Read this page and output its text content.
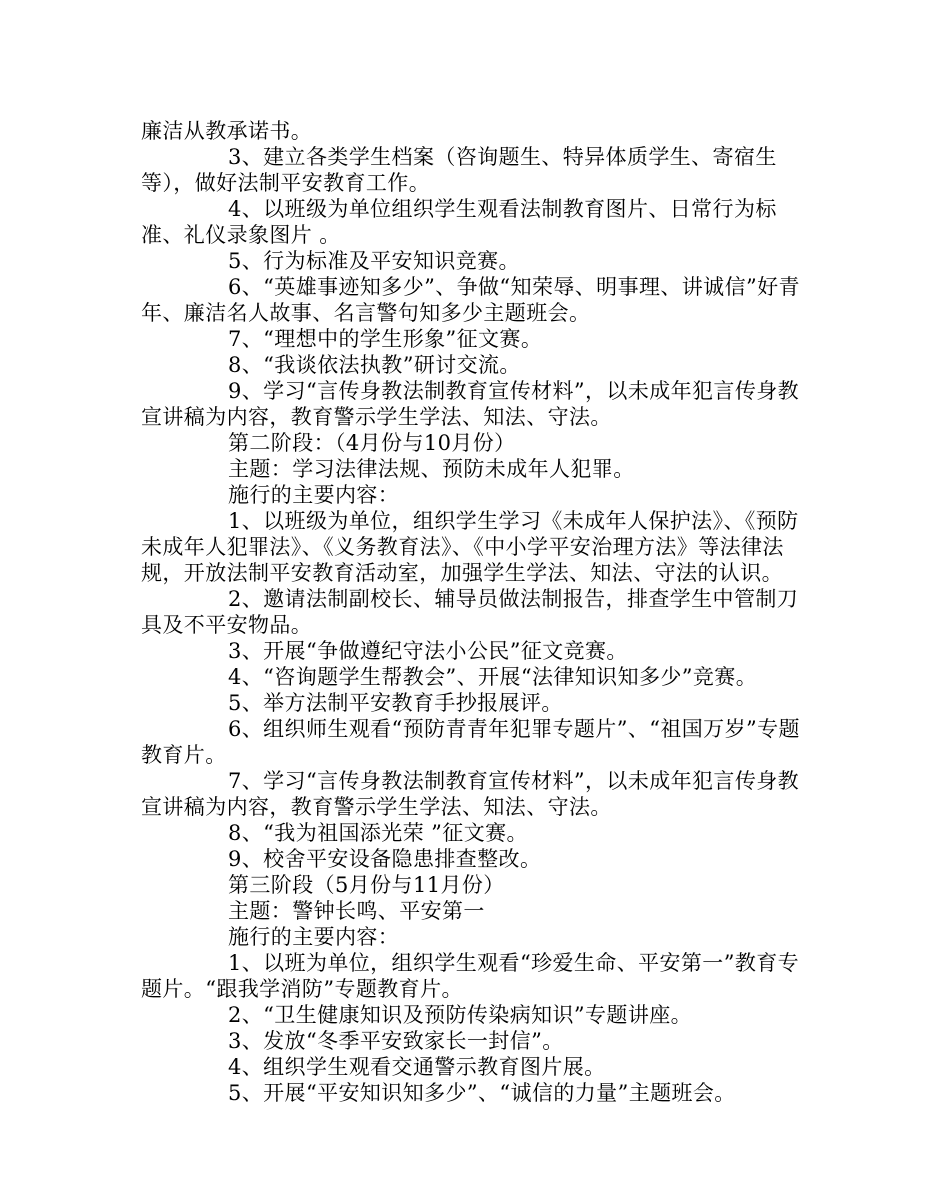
廉洁从教承诺书。

3、建立各类学生档案（咨询题生、特异体质学生、寄宿生等），做好法制平安教育工作。

4、以班级为单位组织学生观看法制教育图片、日常行为标准、礼仪录象图片 。

5、行为标准及平安知识竞赛。

6、“英雄事迹知多少”、争做“知荣辱、明事理、讲诚信”好青年、廉洁名人故事、名言警句知多少主题班会。

7、“理想中的学生形象”征文赛。

8、“我谈依法执教”研讨交流。

9、学习“言传身教法制教育宣传材料”，以未成年犯言传身教宣讲稿为内容，教育警示学生学法、知法、守法。

第二阶段：（4月份与10月份）

主题：学习法律法规、预防未成年人犯罪。

施行的主要内容：

1、以班级为单位，组织学生学习《未成年人保护法》、《预防未成年人犯罪法》、《义务教育法》、《中小学平安治理方法》等法律法规，开放法制平安教育活动室，加强学生学法、知法、守法的认识。

2、邀请法制副校长、辅导员做法制报告，排查学生中管制刀具及不平安物品。

3、开展“争做遵纪守法小公民”征文竞赛。

4、“咨询题学生帮教会”、开展“法律知识知多少”竞赛。

5、举方法制平安教育手抄报展评。

6、组织师生观看“预防青青年犯罪专题片”、“祖国万岁”专题教育片。

7、学习“言传身教法制教育宣传材料”，以未成年犯言传身教宣讲稿为内容，教育警示学生学法、知法、守法。

8、“我为祖国添光荣 ”征文赛。

9、校舍平安设备隐患排查整改。

第三阶段（5月份与11月份）

主题：警钟长鸣、平安第一

施行的主要内容：

1、以班为单位，组织学生观看“珍爱生命、平安第一”教育专题片。“跟我学消防”专题教育片。

2、“卫生健康知识及预防传染病知识”专题讲座。

3、发放“冬季平安致家长一封信”。

4、组织学生观看交通警示教育图片展。

5、开展“平安知识知多少”、“诚信的力量”主题班会。
